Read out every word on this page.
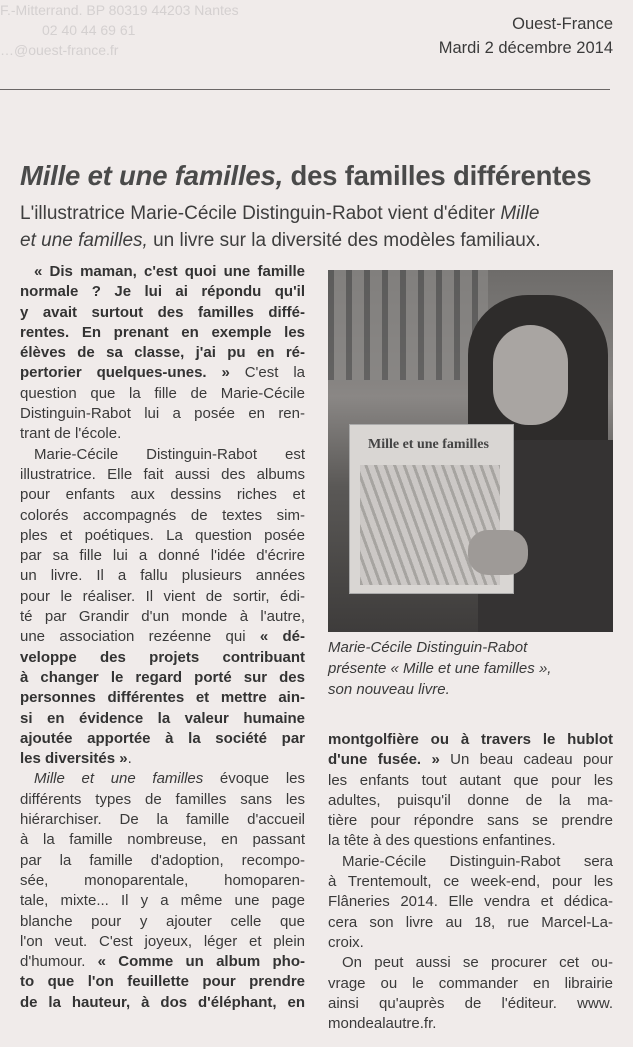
F.-Mitterrand. BP 80319 44203 Nantes
02 40 44 69 61
…@ouest-france.fr
Ouest-France
Mardi 2 décembre 2014
Mille et une familles, des familles différentes
L'illustratrice Marie-Cécile Distinguin-Rabot vient d'éditer Mille
et une familles, un livre sur la diversité des modèles familiaux.
« Dis maman, c'est quoi une famille
normale ? Je lui ai répondu qu'il
y avait surtout des familles diffé-
rentes. En prenant en exemple les
élèves de sa classe, j'ai pu en ré-
pertorier quelques-unes. » C'est la
question que la fille de Marie-Cécile
Distinguin-Rabot lui a posée en ren-
trant de l'école.
Marie-Cécile Distinguin-Rabot est
illustratrice. Elle fait aussi des albums
pour enfants aux dessins riches et
colorés accompagnés de textes sim-
ples et poétiques. La question posée
par sa fille lui a donné l'idée d'écrire
un livre. Il a fallu plusieurs années
pour le réaliser. Il vient de sortir, édi-
té par Grandir d'un monde à l'autre,
une association rezéenne qui « dé-
veloppe des projets contribuant
à changer le regard porté sur des
personnes différentes et mettre ain-
si en évidence la valeur humaine
ajoutée apportée à la société par
les diversités ».
Mille et une familles évoque les
différents types de familles sans les
hiérarchiser. De la famille d'accueil
à la famille nombreuse, en passant
par la famille d'adoption, recompo-
sée, monoparentale, homoparen-
tale, mixte... Il y a même une page
blanche pour y ajouter celle que
l'on veut. C'est joyeux, léger et plein
d'humour. « Comme un album pho-
to que l'on feuillette pour prendre
de la hauteur, à dos d'éléphant, en
Mille et une familles
Marie-Cécile Distinguin-Rabot
présente « Mille et une familles »,
son nouveau livre.
montgolfière ou à travers le hublot
d'une fusée. » Un beau cadeau pour
les enfants tout autant que pour les
adultes, puisqu'il donne de la ma-
tière pour répondre sans se prendre
la tête à des questions enfantines.
Marie-Cécile Distinguin-Rabot sera
à Trentemoult, ce week-end, pour les
Flâneries 2014. Elle vendra et dédica-
cera son livre au 18, rue Marcel-La-
croix.
On peut aussi se procurer cet ou-
vrage ou le commander en librairie
ainsi qu'auprès de l'éditeur. www.
mondealautre.fr.
